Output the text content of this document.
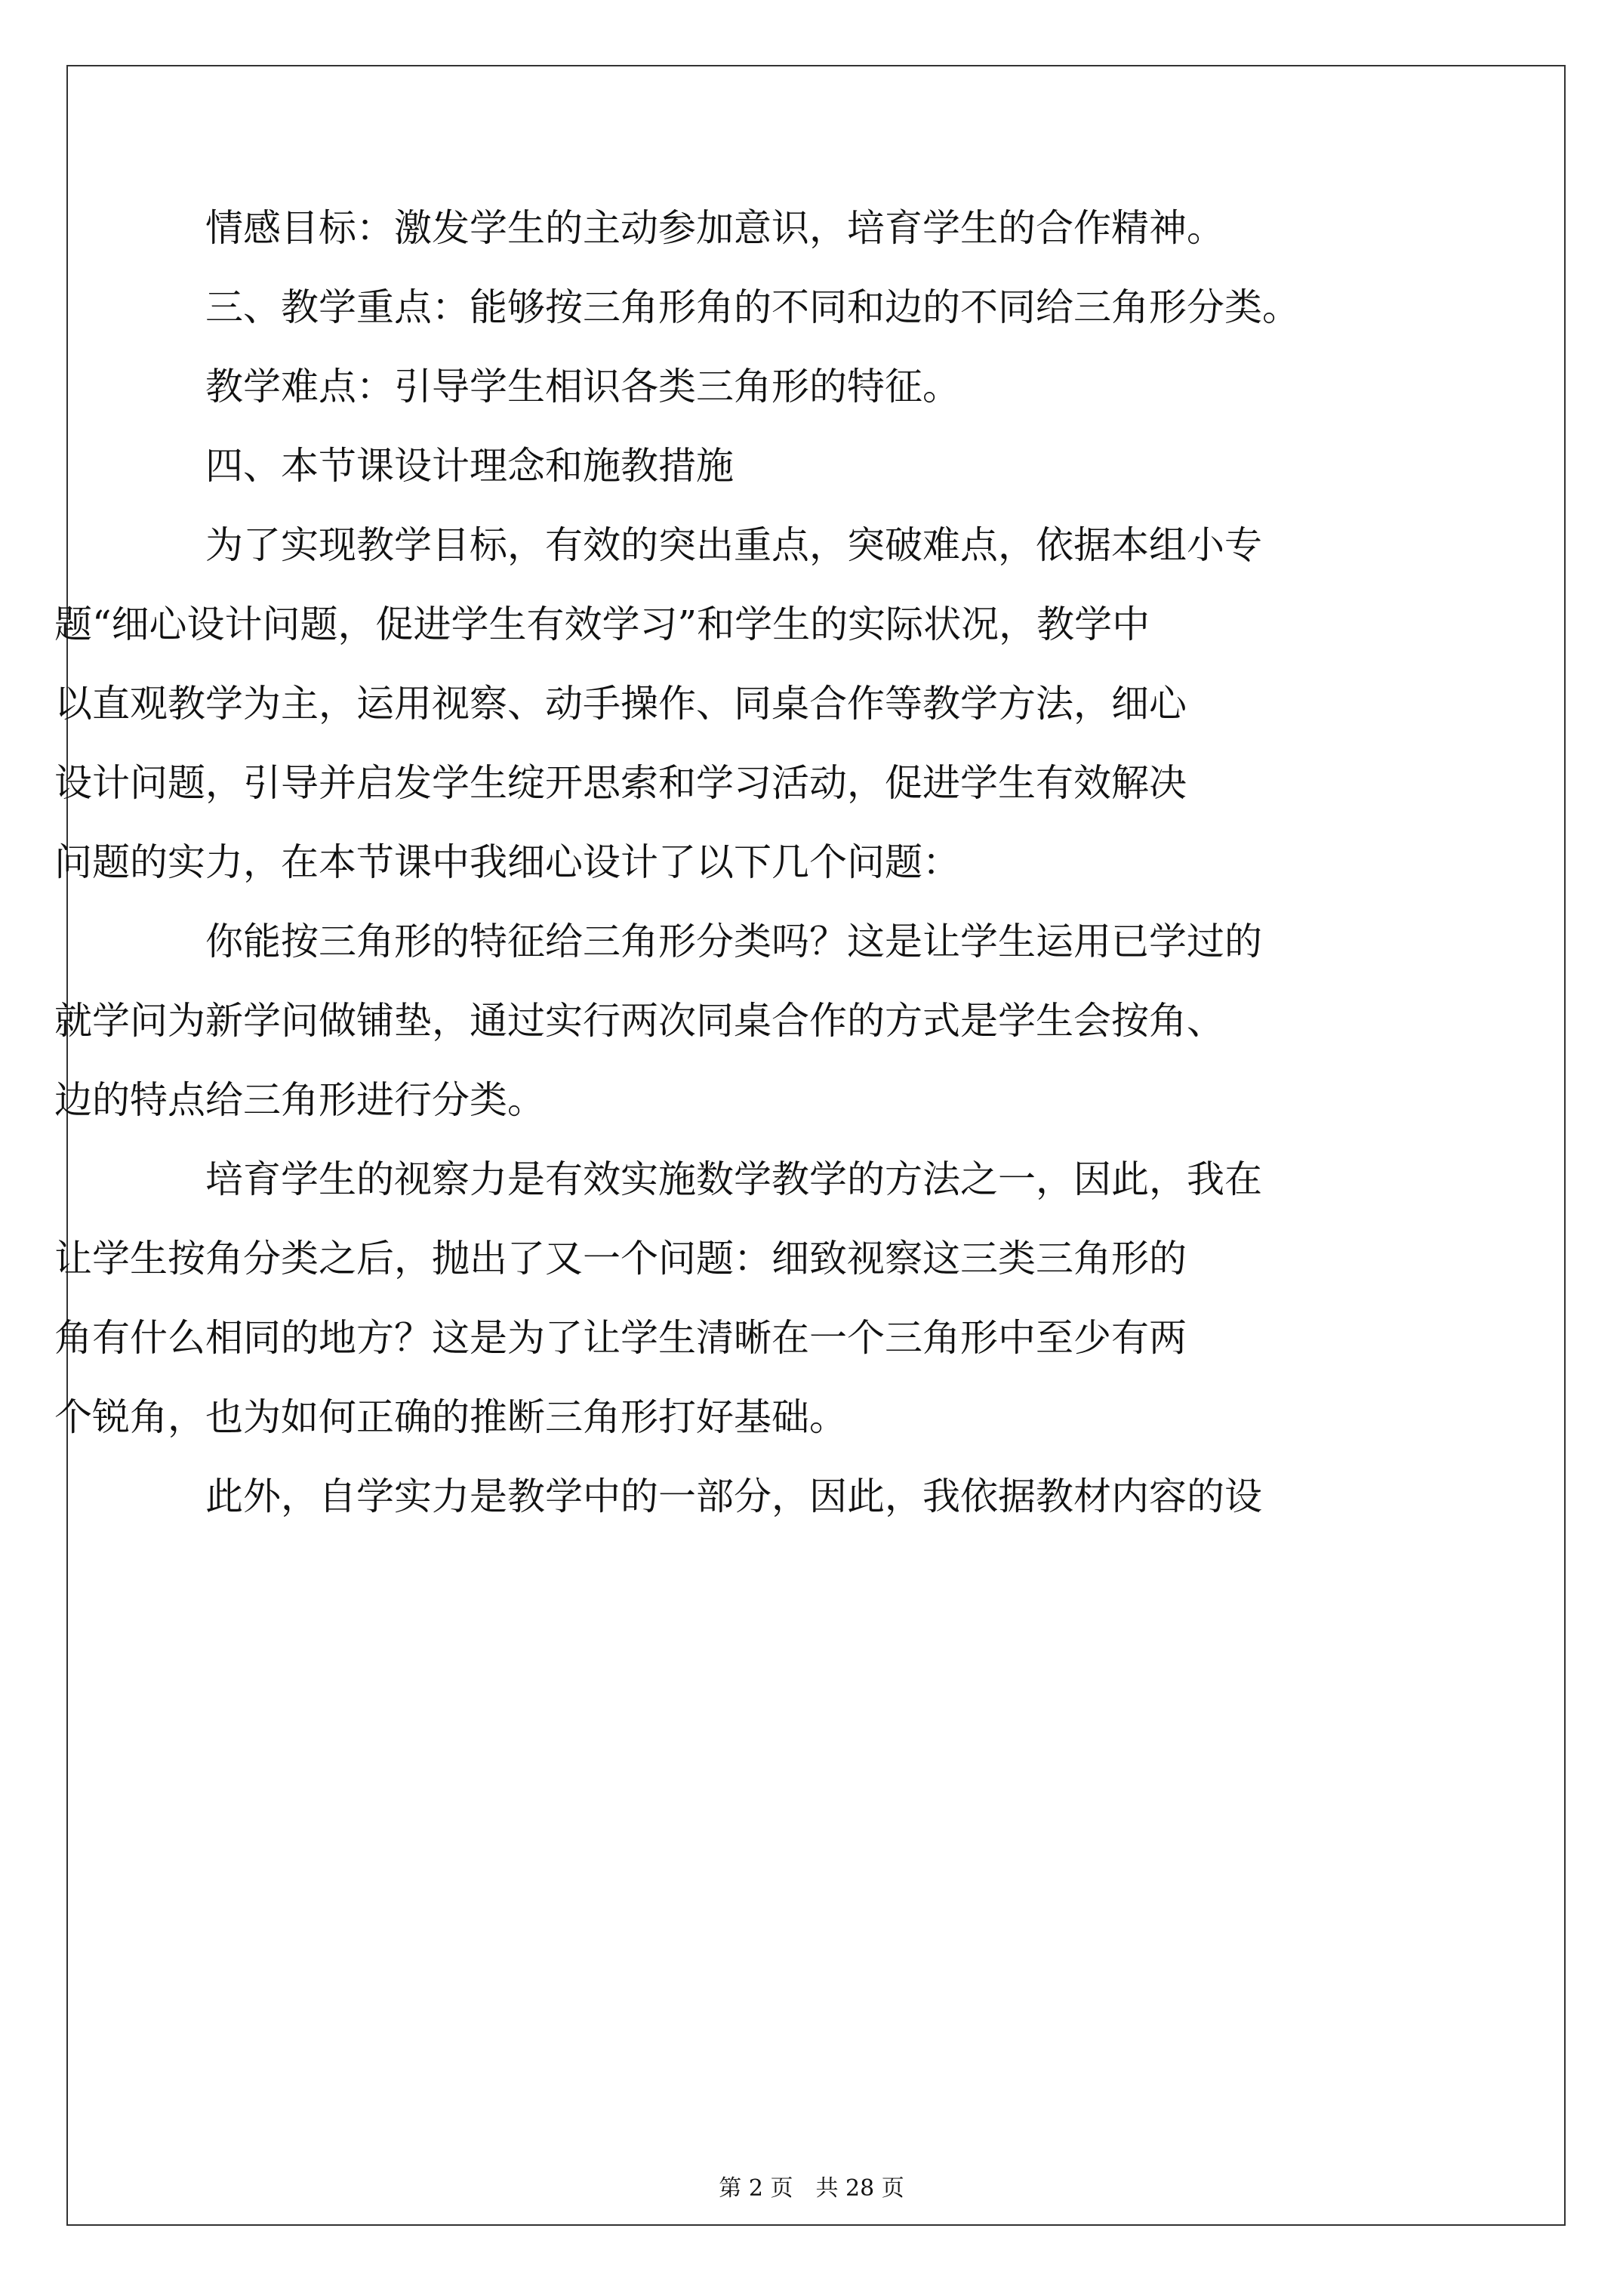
情感目标：激发学生的主动参加意识，培育学生的合作精神。

三、教学重点：能够按三角形角的不同和边的不同给三角形分类。

教学难点：引导学生相识各类三角形的特征。

四、本节课设计理念和施教措施

为了实现教学目标，有效的突出重点，突破难点，依据本组小专
题“细心设计问题，促进学生有效学习”和学生的实际状况，教学中
以直观教学为主，运用视察、动手操作、同桌合作等教学方法，细心
设计问题，引导并启发学生绽开思索和学习活动，促进学生有效解决
问题的实力，在本节课中我细心设计了以下几个问题：

你能按三角形的特征给三角形分类吗？这是让学生运用已学过的
就学问为新学问做铺垫，通过实行两次同桌合作的方式是学生会按角、
边的特点给三角形进行分类。

培育学生的视察力是有效实施数学教学的方法之一，因此，我在
让学生按角分类之后，抛出了又一个问题：细致视察这三类三角形的
角有什么相同的地方？这是为了让学生清晰在一个三角形中至少有两
个锐角，也为如何正确的推断三角形打好基础。

此外，自学实力是教学中的一部分，因此，我依据教材内容的设

第 2 页　共 28 页
